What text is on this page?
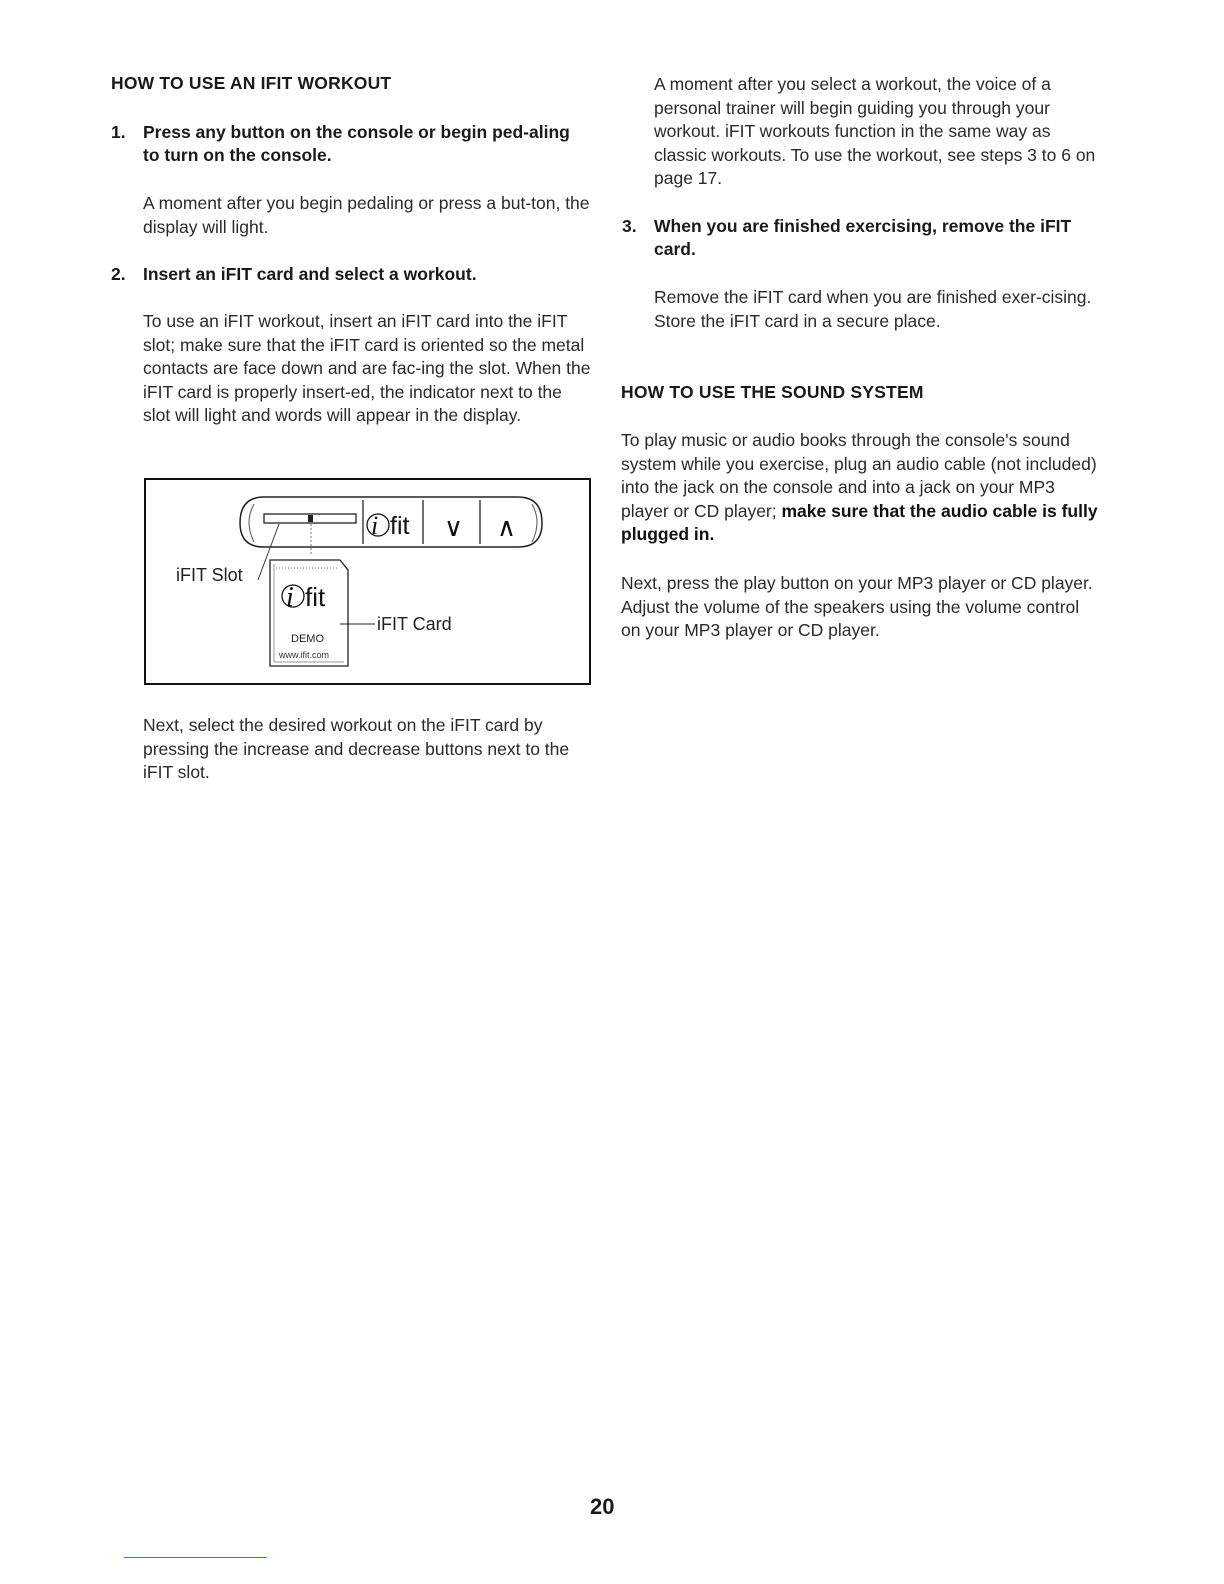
HOW TO USE AN IFIT WORKOUT
1. Press any button on the console or begin ped-aling to turn on the console.

A moment after you begin pedaling or press a but-ton, the display will light.

2. Insert an iFIT card and select a workout.

To use an iFIT workout, insert an iFIT card into the iFIT slot; make sure that the iFIT card is oriented so the metal contacts are face down and are fac-ing the slot. When the iFIT card is properly insert-ed, the indicator next to the slot will light and words will appear in the display.

i fit ∨ ∧
iFIT Slot
i fit
DEMO
www.ifit.com
iFIT Card

Next, select the desired workout on the iFIT card by pressing the increase and decrease buttons next to the iFIT slot.

A moment after you select a workout, the voice of a personal trainer will begin guiding you through your workout. iFIT workouts function in the same way as classic workouts. To use the workout, see steps 3 to 6 on page 17.

3. When you are finished exercising, remove the iFIT card.

Remove the iFIT card when you are finished exer-cising. Store the iFIT card in a secure place.

HOW TO USE THE SOUND SYSTEM

To play music or audio books through the console's sound system while you exercise, plug an audio cable (not included) into the jack on the console and into a jack on your MP3 player or CD player; make sure that the audio cable is fully plugged in.

Next, press the play button on your MP3 player or CD player. Adjust the volume of the speakers using the volume control on your MP3 player or CD player.

20
